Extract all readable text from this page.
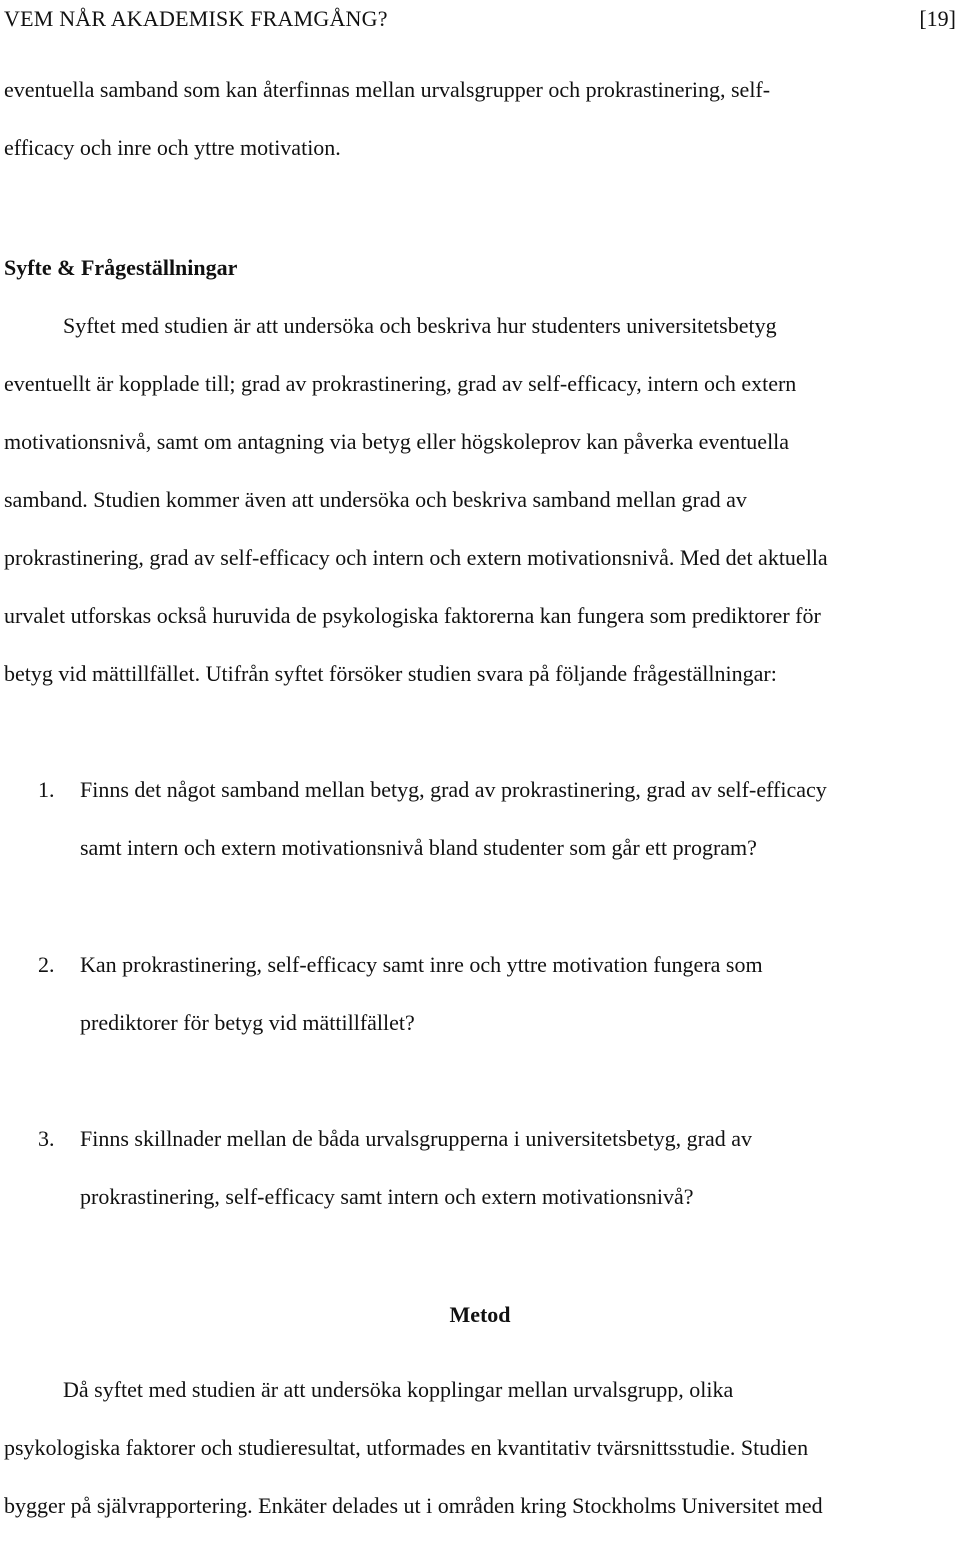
VEM NÅR AKADEMISK FRAMGÅNG?	[19]
eventuella samband som kan återfinnas mellan urvalsgrupper och prokrastinering, self-
efficacy och inre och yttre motivation.
Syfte & Frågeställningar
Syftet med studien är att undersöka och beskriva hur studenters universitetsbetyg
eventuellt är kopplade till; grad av prokrastinering, grad av self-efficacy, intern och extern
motivationsnivå, samt om antagning via betyg eller högskoleprov kan påverka eventuella
samband. Studien kommer även att undersöka och beskriva samband mellan grad av
prokrastinering, grad av self-efficacy och intern och extern motivationsnivå. Med det aktuella
urvalet utforskas också huruvida de psykologiska faktorerna kan fungera som prediktorer för
betyg vid mättillfället. Utifrån syftet försöker studien svara på följande frågeställningar:
1. Finns det något samband mellan betyg, grad av prokrastinering, grad av self-efficacy
samt intern och extern motivationsnivå bland studenter som går ett program?
2. Kan prokrastinering, self-efficacy samt inre och yttre motivation fungera som
prediktorer för betyg vid mättillfället?
3. Finns skillnader mellan de båda urvalsgrupperna i universitetsbetyg, grad av
prokrastinering, self-efficacy samt intern och extern motivationsnivå?
Metod
Då syftet med studien är att undersöka kopplingar mellan urvalsgrupp, olika
psykologiska faktorer och studieresultat, utformades en kvantitativ tvärsnittsstudie. Studien
bygger på självrapportering. Enkäter delades ut i områden kring Stockholms Universitet med
